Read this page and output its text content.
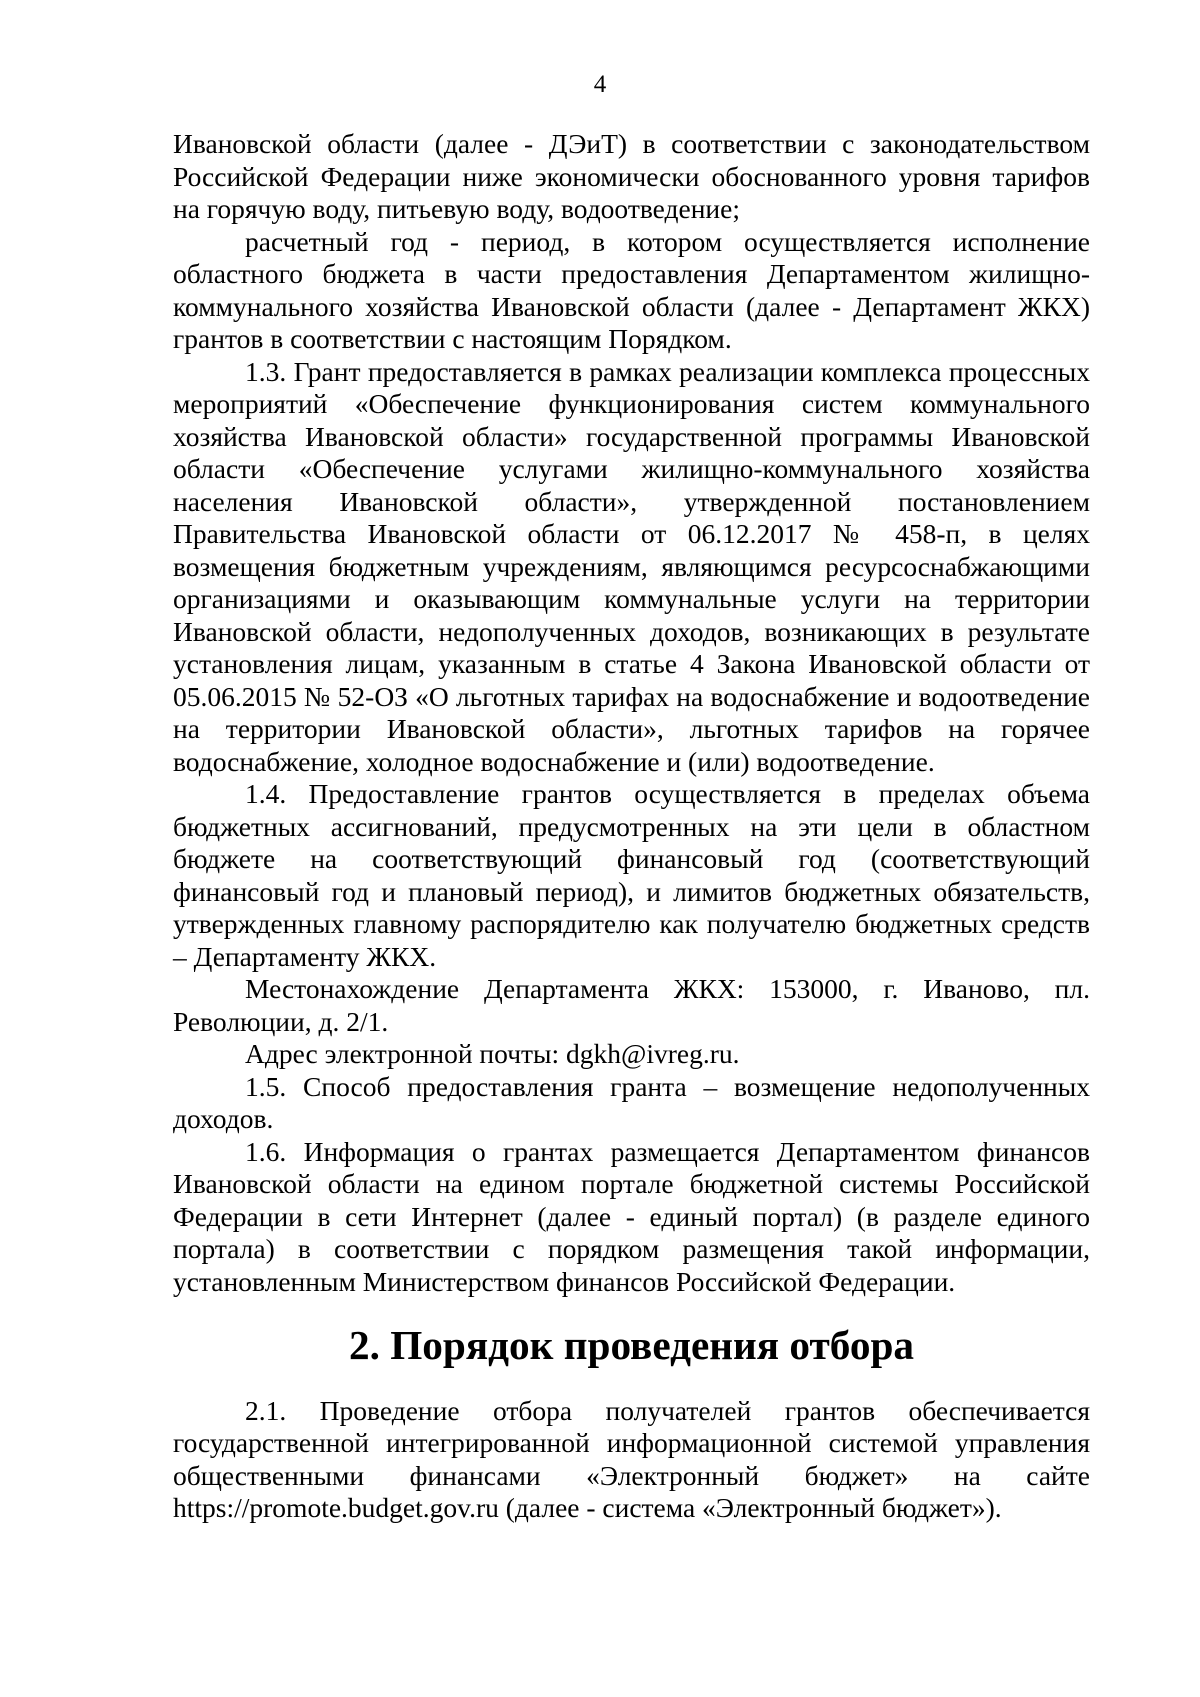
4

Ивановской области (далее - ДЭиТ) в соответствии с законодательством Российской Федерации ниже экономически обоснованного уровня тарифов на горячую воду, питьевую воду, водоотведение;

расчетный год - период, в котором осуществляется исполнение областного бюджета в части предоставления Департаментом жилищно-коммунального хозяйства Ивановской области (далее - Департамент ЖКХ) грантов в соответствии с настоящим Порядком.

1.3. Грант предоставляется в рамках реализации комплекса процессных мероприятий «Обеспечение функционирования систем коммунального хозяйства Ивановской области» государственной программы Ивановской области «Обеспечение услугами жилищно-коммунального хозяйства населения Ивановской области», утвержденной постановлением Правительства Ивановской области от 06.12.2017 № 458-п, в целях возмещения бюджетным учреждениям, являющимся ресурсоснабжающими организациями и оказывающим коммунальные услуги на территории Ивановской области, недополученных доходов, возникающих в результате установления лицам, указанным в статье 4 Закона Ивановской области от 05.06.2015 № 52-ОЗ «О льготных тарифах на водоснабжение и водоотведение на территории Ивановской области», льготных тарифов на горячее водоснабжение, холодное водоснабжение и (или) водоотведение.

1.4. Предоставление грантов осуществляется в пределах объема бюджетных ассигнований, предусмотренных на эти цели в областном бюджете на соответствующий финансовый год (соответствующий финансовый год и плановый период), и лимитов бюджетных обязательств, утвержденных главному распорядителю как получателю бюджетных средств – Департаменту ЖКХ.

Местонахождение Департамента ЖКХ: 153000, г. Иваново, пл. Революции, д. 2/1.

Адрес электронной почты: dgkh@ivreg.ru.

1.5. Способ предоставления гранта – возмещение недополученных доходов.

1.6. Информация о грантах размещается Департаментом финансов Ивановской области на едином портале бюджетной системы Российской Федерации в сети Интернет (далее - единый портал) (в разделе единого портала) в соответствии с порядком размещения такой информации, установленным Министерством финансов Российской Федерации.

2. Порядок проведения отбора

2.1. Проведение отбора получателей грантов обеспечивается государственной интегрированной информационной системой управления общественными финансами «Электронный бюджет» на сайте https://promote.budget.gov.ru (далее - система «Электронный бюджет»).
